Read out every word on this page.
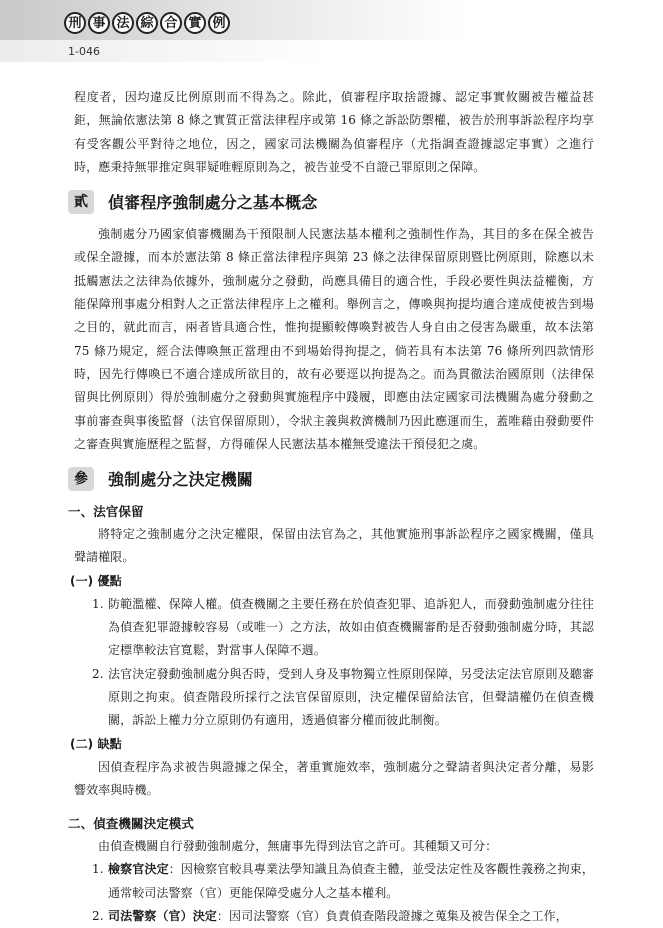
刑 事 法 綜 合 實 例
1-046

程度者，因均違反比例原則而不得為之。除此，偵審程序取捨證據、認定事實攸關被告權益甚鉅，無論依憲法第 8 條之實質正當法律程序或第 16 條之訴訟防禦權，被告於刑事訴訟程序均享有受客觀公平對待之地位，因之，國家司法機關為偵審程序（尤指調查證據認定事實）之進行時，應秉持無罪推定與罪疑唯輕原則為之，被告並受不自證己罪原則之保障。

貳	偵審程序強制處分之基本概念

強制處分乃國家偵審機關為干預限制人民憲法基本權利之強制性作為，其目的多在保全被告或保全證據，而本於憲法第 8 條正當法律程序與第 23 條之法律保留原則暨比例原則，除應以未抵觸憲法之法律為依據外，強制處分之發動，尚應具備目的適合性，手段必要性與法益權衡，方能保障刑事處分相對人之正當法律程序上之權利。舉例言之，傳喚與拘提均適合達成使被告到場之目的，就此而言，兩者皆具適合性，惟拘提顯較傳喚對被告人身自由之侵害為嚴重，故本法第 75 條乃規定，經合法傳喚無正當理由不到場始得拘提之，倘若具有本法第 76 條所列四款情形時，因先行傳喚已不適合達成所欲目的，故有必要逕以拘提為之。而為貫徹法治國原則（法律保留與比例原則）得於強制處分之發動與實施程序中踐履，即應由法定國家司法機關為處分發動之事前審查與事後監督（法官保留原則），令狀主義與救濟機制乃因此應運而生，蓋唯藉由發動要件之審查與實施歷程之監督，方得確保人民憲法基本權無受違法干預侵犯之虞。

參	強制處分之決定機關
一、法官保留

將特定之強制處分之決定權限，保留由法官為之，其他實施刑事訴訟程序之國家機關，僅具聲請權限。

(一) 優點
1. 防範濫權、保障人權。偵查機關之主要任務在於偵查犯罪、追訴犯人，而發動強制處分往往為偵查犯罪證據較容易（或唯一）之方法，故如由偵查機關審酌是否發動強制處分時，其認定標準較法官寬鬆，對當事人保障不週。
2. 法官決定發動強制處分與否時，受到人身及事物獨立性原則保障，另受法定法官原則及聽審原則之拘束。偵查階段所採行之法官保留原則，決定權保留給法官，但聲請權仍在偵查機關，訴訟上權力分立原則仍有適用，透過偵審分權而彼此制衡。
(二) 缺點

因偵查程序為求被告與證據之保全，著重實施效率，強制處分之聲請者與決定者分離，易影響效率與時機。

二、偵查機關決定模式

由偵查機關自行發動強制處分，無庸事先得到法官之許可。其種類又可分：

1. 檢察官決定：因檢察官較具專業法學知識且為偵查主體，並受法定性及客觀性義務之拘束，通常較司法警察（官）更能保障受處分人之基本權利。
2. 司法警察（官）決定：因司法警察（官）負責偵查階段證據之蒐集及被告保全之工作，
